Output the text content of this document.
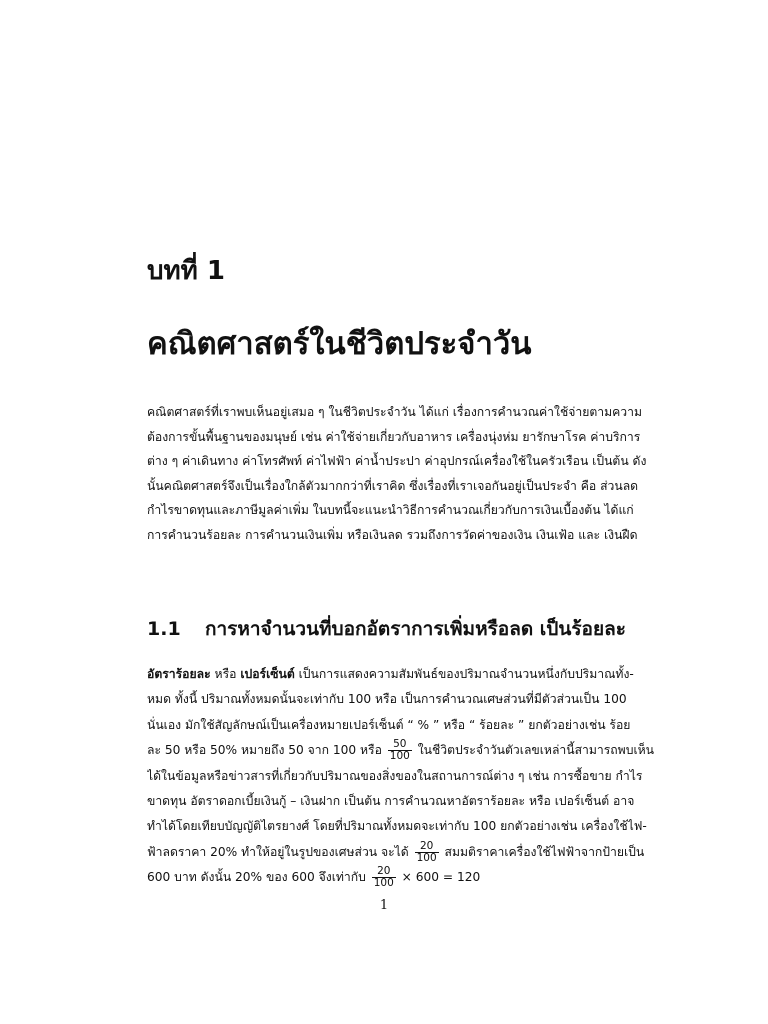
บทที่ 1
คณิตศาสตร์ในชีวิตประจำวัน
คณิตศาสตร์ที่เราพบเห็นอยู่เสมอ ๆ ในชีวิตประจำวัน ได้แก่ เรื่องการคำนวณค่าใช้จ่ายตามความ
ต้องการขั้นพื้นฐานของมนุษย์ เช่น ค่าใช้จ่ายเกี่ยวกับอาหาร เครื่องนุ่งห่ม ยารักษาโรค ค่าบริการ
ต่าง ๆ ค่าเดินทาง ค่าโทรศัพท์ ค่าไฟฟ้า ค่าน้ำประปา ค่าอุปกรณ์เครื่องใช้ในครัวเรือน เป็นต้น ดัง
นั้นคณิตศาสตร์จึงเป็นเรื่องใกล้ตัวมากกว่าที่เราคิด ซึ่งเรื่องที่เราเจอกันอยู่เป็นประจำ คือ ส่วนลด
กำไรขาดทุนและภาษีมูลค่าเพิ่ม ในบทนี้จะแนะนำวิธีการคำนวณเกี่ยวกับการเงินเบื้องต้น ได้แก่
การคำนวนร้อยละ การคำนวนเงินเพิ่ม หรือเงินลด รวมถึงการวัดค่าของเงิน เงินเฟ้อ และ เงินฝืด
1.1 การหาจำนวนที่บอกอัตราการเพิ่มหรือลด เป็นร้อยละ
อัตราร้อยละ หรือ เปอร์เซ็นต์ เป็นการแสดงความสัมพันธ์ของปริมาณจำนวนหนึ่งกับปริมาณทั้ง-
หมด ทั้งนี้ ปริมาณทั้งหมดนั้นจะเท่ากับ 100 หรือ เป็นการคำนวณเศษส่วนที่มีตัวส่วนเป็น 100
นั่นเอง มักใช้สัญลักษณ์เป็นเครื่องหมายเปอร์เซ็นต์ “ % ” หรือ “ ร้อยละ ” ยกตัวอย่างเช่น ร้อย
ละ 50 หรือ 50% หมายถึง 50 จาก 100 หรือ $\frac{50}{100}$ ในชีวิตประจำวันตัวเลขเหล่านี้สามารถพบเห็น
ได้ในข้อมูลหรือข่าวสารที่เกี่ยวกับปริมาณของสิ่งของในสถานการณ์ต่าง ๆ เช่น การซื้อขาย กำไร
ขาดทุน อัตราดอกเบี้ยเงินกู้ – เงินฝาก เป็นต้น การคำนวณหาอัตราร้อยละ หรือ เปอร์เซ็นต์ อาจ
ทำได้โดยเทียบบัญญัติไตรยางศ์ โดยที่ปริมาณทั้งหมดจะเท่ากับ 100 ยกตัวอย่างเช่น เครื่องใช้ไฟ-
ฟ้าลดราคา 20% ทำให้อยู่ในรูปของเศษส่วน จะได้ $\frac{20}{100}$ สมมติราคาเครื่องใช้ไฟฟ้าจากป้ายเป็น
600 บาท ดังนั้น 20% ของ 600 จึงเท่ากับ $\frac{20}{100} \times 600 = 120$
1
